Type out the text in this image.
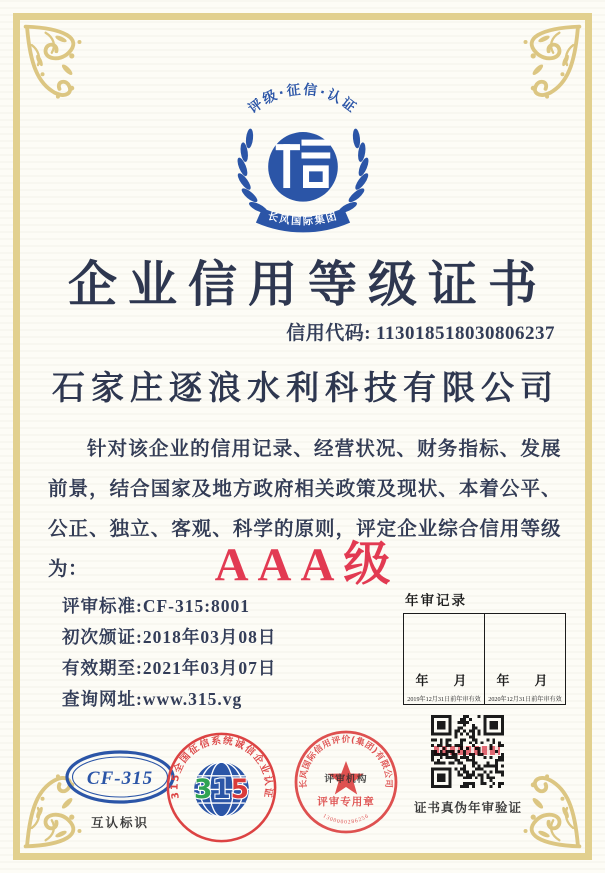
评级·征信·认证
长风国际集团
企业信用等级证书
信用代码: 113018518030806237
石家庄逐浪水利科技有限公司
针对该企业的信用记录、经营状况、财务指标、发展前景，结合国家及地方政府相关政策及现状、本着公平、公正、独立、客观、科学的原则，评定企业综合信用等级为：	AAA级
评审标准:CF-315:8001
初次颁证:2018年03月08日
有效期至:2021年03月07日
查询网址:www.315.vg
年审记录
年　月
2019年12月31日前年审有效
年　月
2020年12月31日前年审有效
CF-315
互认标识
315全国征信系统诚信企业认证
315	长风国际信用评价(集团)有限公司
评审专用章
1300000286256
评审机构
证书真伪年审验证
